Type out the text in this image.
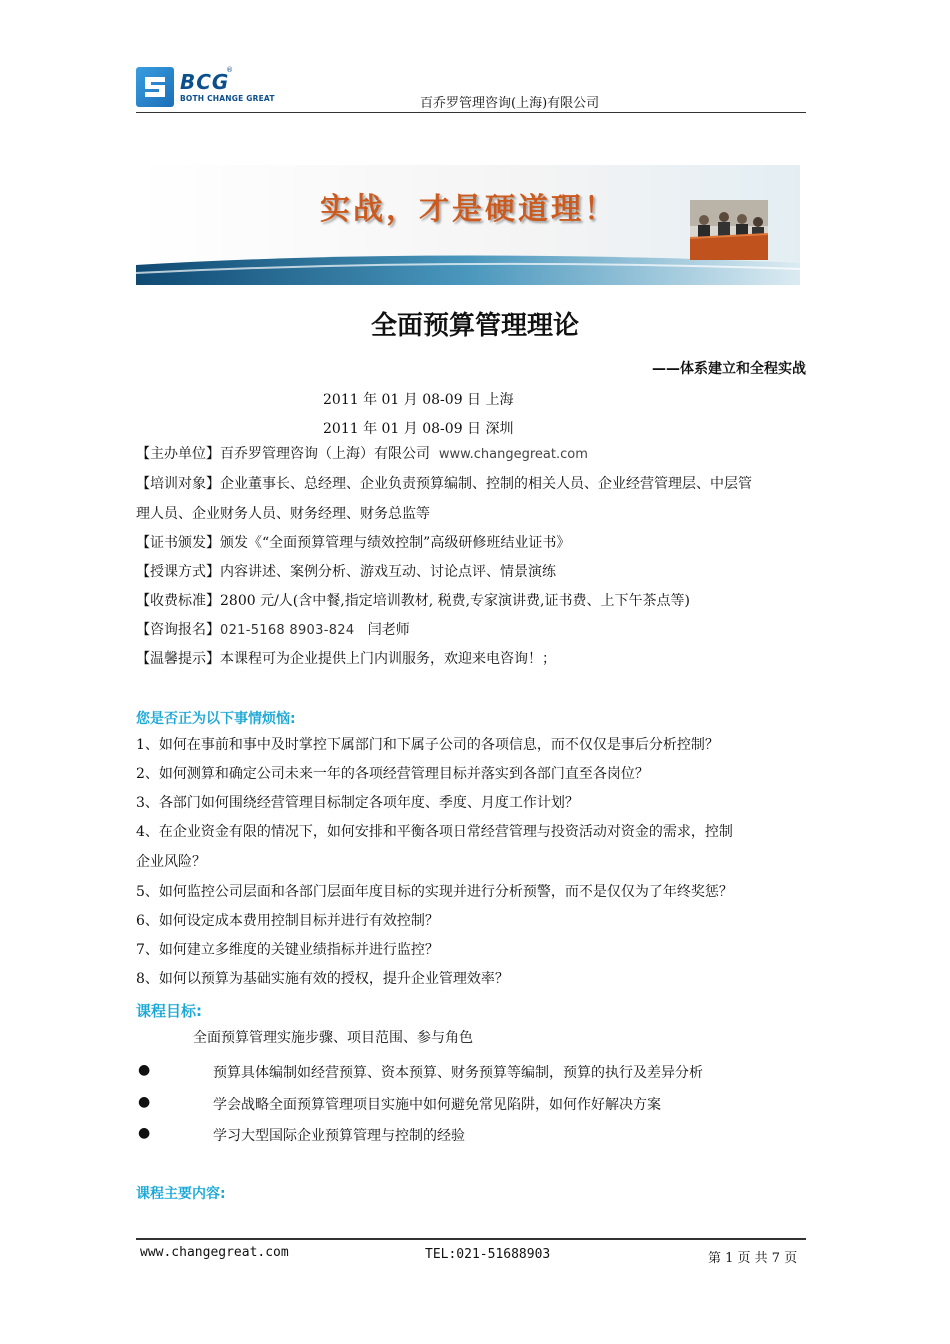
BCG
®
BOTH CHANGE GREAT	百乔罗管理咨询(上海)有限公司
实战，才是硬道理！
全面预算管理理论
——体系建立和全程实战
2011 年 01 月 08-09 日 上海
2011 年 01 月 08-09 日 深圳
【主办单位】百乔罗管理咨询（上海）有限公司 www.changegreat.com
【培训对象】企业董事长、总经理、企业负责预算编制、控制的相关人员、企业经营管理层、中层管
理人员、企业财务人员、财务经理、财务总监等
【证书颁发】颁发《“全面预算管理与绩效控制”高级研修班结业证书》
【授课方式】内容讲述、案例分析、游戏互动、讨论点评、情景演练
【收费标准】2800 元/人(含中餐,指定培训教材, 税费,专家演讲费,证书费、上下午茶点等)
【咨询报名】021-5168 8903-824 闫老师
【温馨提示】本课程可为企业提供上门内训服务，欢迎来电咨询！；
您是否正为以下事情烦恼:
1、如何在事前和事中及时掌控下属部门和下属子公司的各项信息，而不仅仅是事后分析控制？
2、如何测算和确定公司未来一年的各项经营管理目标并落实到各部门直至各岗位？
3、各部门如何围绕经营管理目标制定各项年度、季度、月度工作计划？
4、在企业资金有限的情况下，如何安排和平衡各项日常经营管理与投资活动对资金的需求，控制
企业风险？
5、如何监控公司层面和各部门层面年度目标的实现并进行分析预警，而不是仅仅为了年终奖惩？
6、如何设定成本费用控制目标并进行有效控制？
7、如何建立多维度的关键业绩指标并进行监控？
8、如何以预算为基础实施有效的授权，提升企业管理效率？
课程目标:
全面预算管理实施步骤、项目范围、参与角色
●	预算具体编制如经营预算、资本预算、财务预算等编制，预算的执行及差异分析
●	学会战略全面预算管理项目实施中如何避免常见陷阱，如何作好解决方案
●	学习大型国际企业预算管理与控制的经验
课程主要内容:
www.changegreat.com	TEL:021-51688903	第 1 页 共 7 页
